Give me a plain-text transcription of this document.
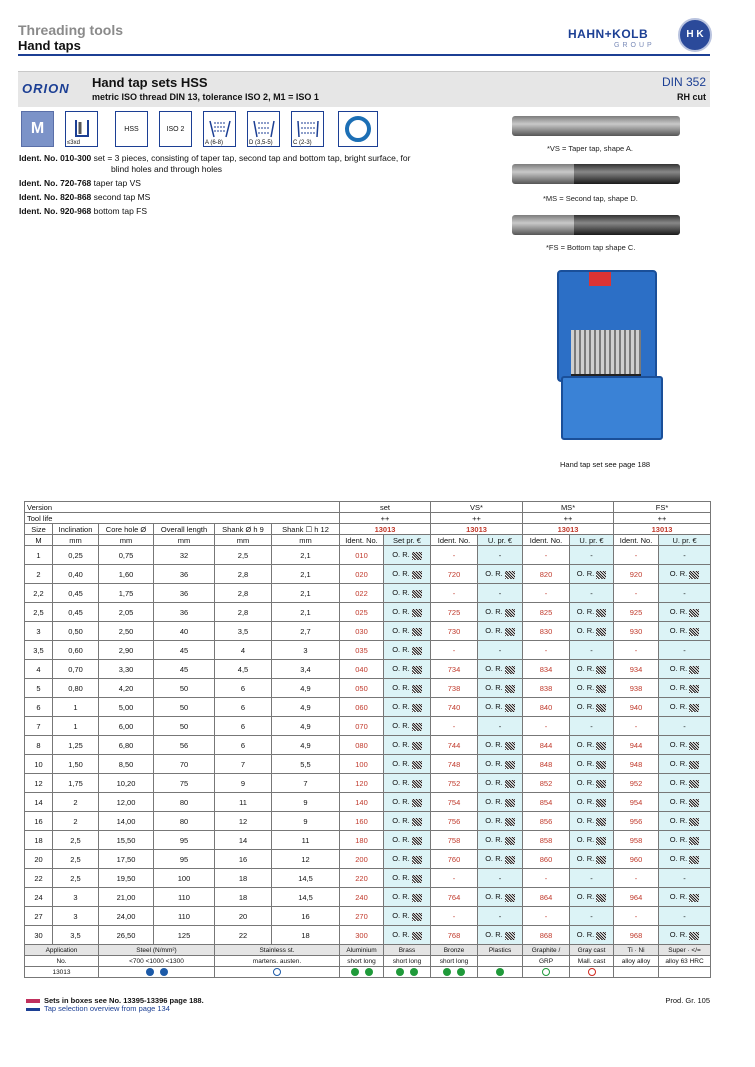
Threading tools
Hand taps
HAHN+KOLB
GROUP
H K
ORION Hand tap sets HSS
metric ISO thread DIN 13, tolerance ISO 2, M1 = ISO 1
DIN 352
RH cut
M
≤3xd
HSS	ISO 2
A (6-8)	D (3,5-5)	C (2-3)
Ident. No. 010-300 set = 3 pieces, consisting of taper tap, second tap and bottom tap, bright surface, for
blind holes and through holes
Ident. No. 720-768 taper tap VS
Ident. No. 820-868 second tap MS
Ident. No. 920-968 bottom tap FS
*VS = Taper tap, shape A.
*MS = Second tap, shape D.
*FS = Bottom tap shape C.
Hand tap set see page 188
Version						set		VS*		MS*		FS*	
Tool life						++		++		++		++	
Size	Inclination	Core hole Ø	Overall length	Shank Ø h 9	Shank ☐ h 12	13013		13013		13013		13013	
M	mm	mm	mm	mm	mm	Ident. No.	Set pr. €	Ident. No.	U. pr. €	Ident. No.	U. pr. €	Ident. No.	U. pr. €
1	0,25	0,75	32	2,5	2,1	010	O. R.	-	-	-	-	-	-
2	0,40	1,60	36	2,8	2,1	020	O. R.	720	O. R.	820	O. R.	920	O. R.
2,2	0,45	1,75	36	2,8	2,1	022	O. R.	-	-	-	-	-	-
2,5	0,45	2,05	36	2,8	2,1	025	O. R.	725	O. R.	825	O. R.	925	O. R.
3	0,50	2,50	40	3,5	2,7	030	O. R.	730	O. R.	830	O. R.	930	O. R.
3,5	0,60	2,90	45	4	3	035	O. R.	-	-	-	-	-	-
4	0,70	3,30	45	4,5	3,4	040	O. R.	734	O. R.	834	O. R.	934	O. R.
5	0,80	4,20	50	6	4,9	050	O. R.	738	O. R.	838	O. R.	938	O. R.
6	1	5,00	50	6	4,9	060	O. R.	740	O. R.	840	O. R.	940	O. R.
7	1	6,00	50	6	4,9	070	O. R.	-	-	-	-	-	-
8	1,25	6,80	56	6	4,9	080	O. R.	744	O. R.	844	O. R.	944	O. R.
10	1,50	8,50	70	7	5,5	100	O. R.	748	O. R.	848	O. R.	948	O. R.
12	1,75	10,20	75	9	7	120	O. R.	752	O. R.	852	O. R.	952	O. R.
14	2	12,00	80	11	9	140	O. R.	754	O. R.	854	O. R.	954	O. R.
16	2	14,00	80	12	9	160	O. R.	756	O. R.	856	O. R.	956	O. R.
18	2,5	15,50	95	14	11	180	O. R.	758	O. R.	858	O. R.	958	O. R.
20	2,5	17,50	95	16	12	200	O. R.	760	O. R.	860	O. R.	960	O. R.
22	2,5	19,50	100	18	14,5	220	O. R.	-	-	-	-	-	-
24	3	21,00	110	18	14,5	240	O. R.	764	O. R.	864	O. R.	964	O. R.
27	3	24,00	110	20	16	270	O. R.	-	-	-	-	-	-
30	3,5	26,50	125	22	18	300	O. R.	768	O. R.	868	O. R.	968	O. R.
Application		Steel (N/mm²)		Stainless st.		Aluminium	Brass	Bronze	Plastics	Graphite /	Gray cast	Ti · Ni	Super · </=
No.		<700 <1000 <1300		martens. austen.		short long	short long	short long		GRP	Mall. cast	alloy alloy	alloy 63 HRC
13013													
Sets in boxes see No. 13395-13396 page 188.
Tap selection overview from page 134
Prod. Gr. 105
